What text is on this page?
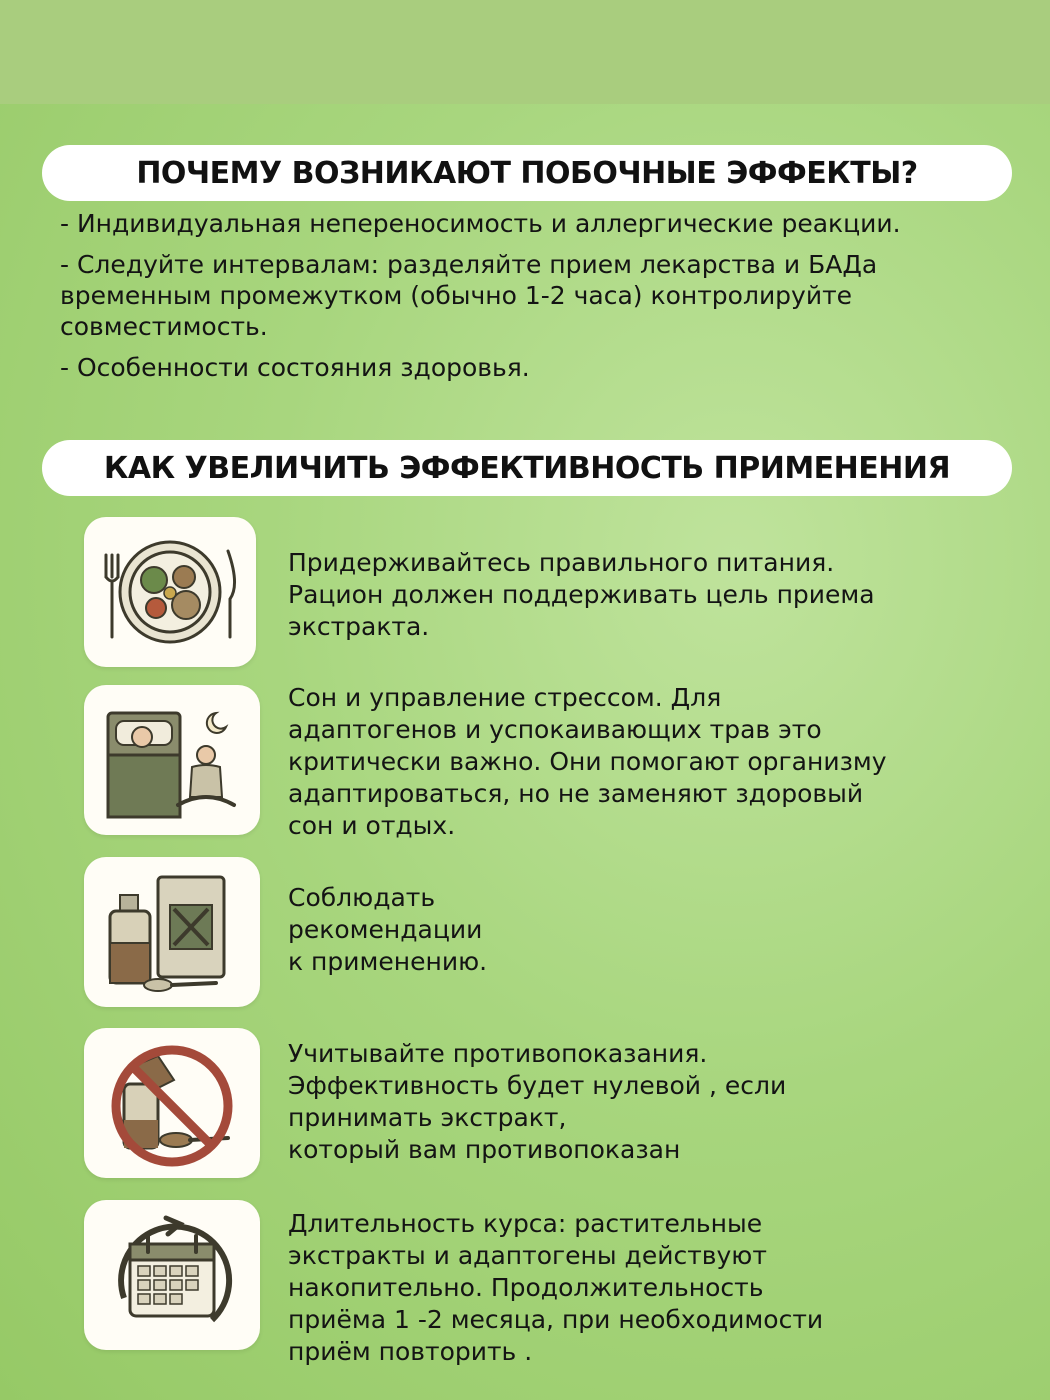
ПОЧЕМУ ВОЗНИКАЮТ ПОБОЧНЫЕ ЭФФЕКТЫ?

- Индивидуальная непереносимость и аллергические реакции.

- Следуйте интервалам: разделяйте прием лекарства и БАДа временным промежутком (обычно 1-2 часа) контролируйте совместимость.

- Особенности состояния здоровья.

КАК УВЕЛИЧИТЬ ЭФФЕКТИВНОСТЬ ПРИМЕНЕНИЯ
Придерживайтесь правильного питания.
Рацион должен поддерживать цель приема
экстракта.
Сон и управление стрессом. Для
адаптогенов и успокаивающих трав это
критически важно. Они помогают организму
адаптироваться, но не заменяют здоровый
сон и отдых.
Соблюдать
рекомендации
к применению.
Учитывайте противопоказания.
Эффективность будет нулевой , если
принимать экстракт,
который вам противопоказан
Длительность курса: растительные
экстракты и адаптогены действуют
накопительно. Продолжительность
приёма 1 -2 месяца, при необходимости
приём повторить .
